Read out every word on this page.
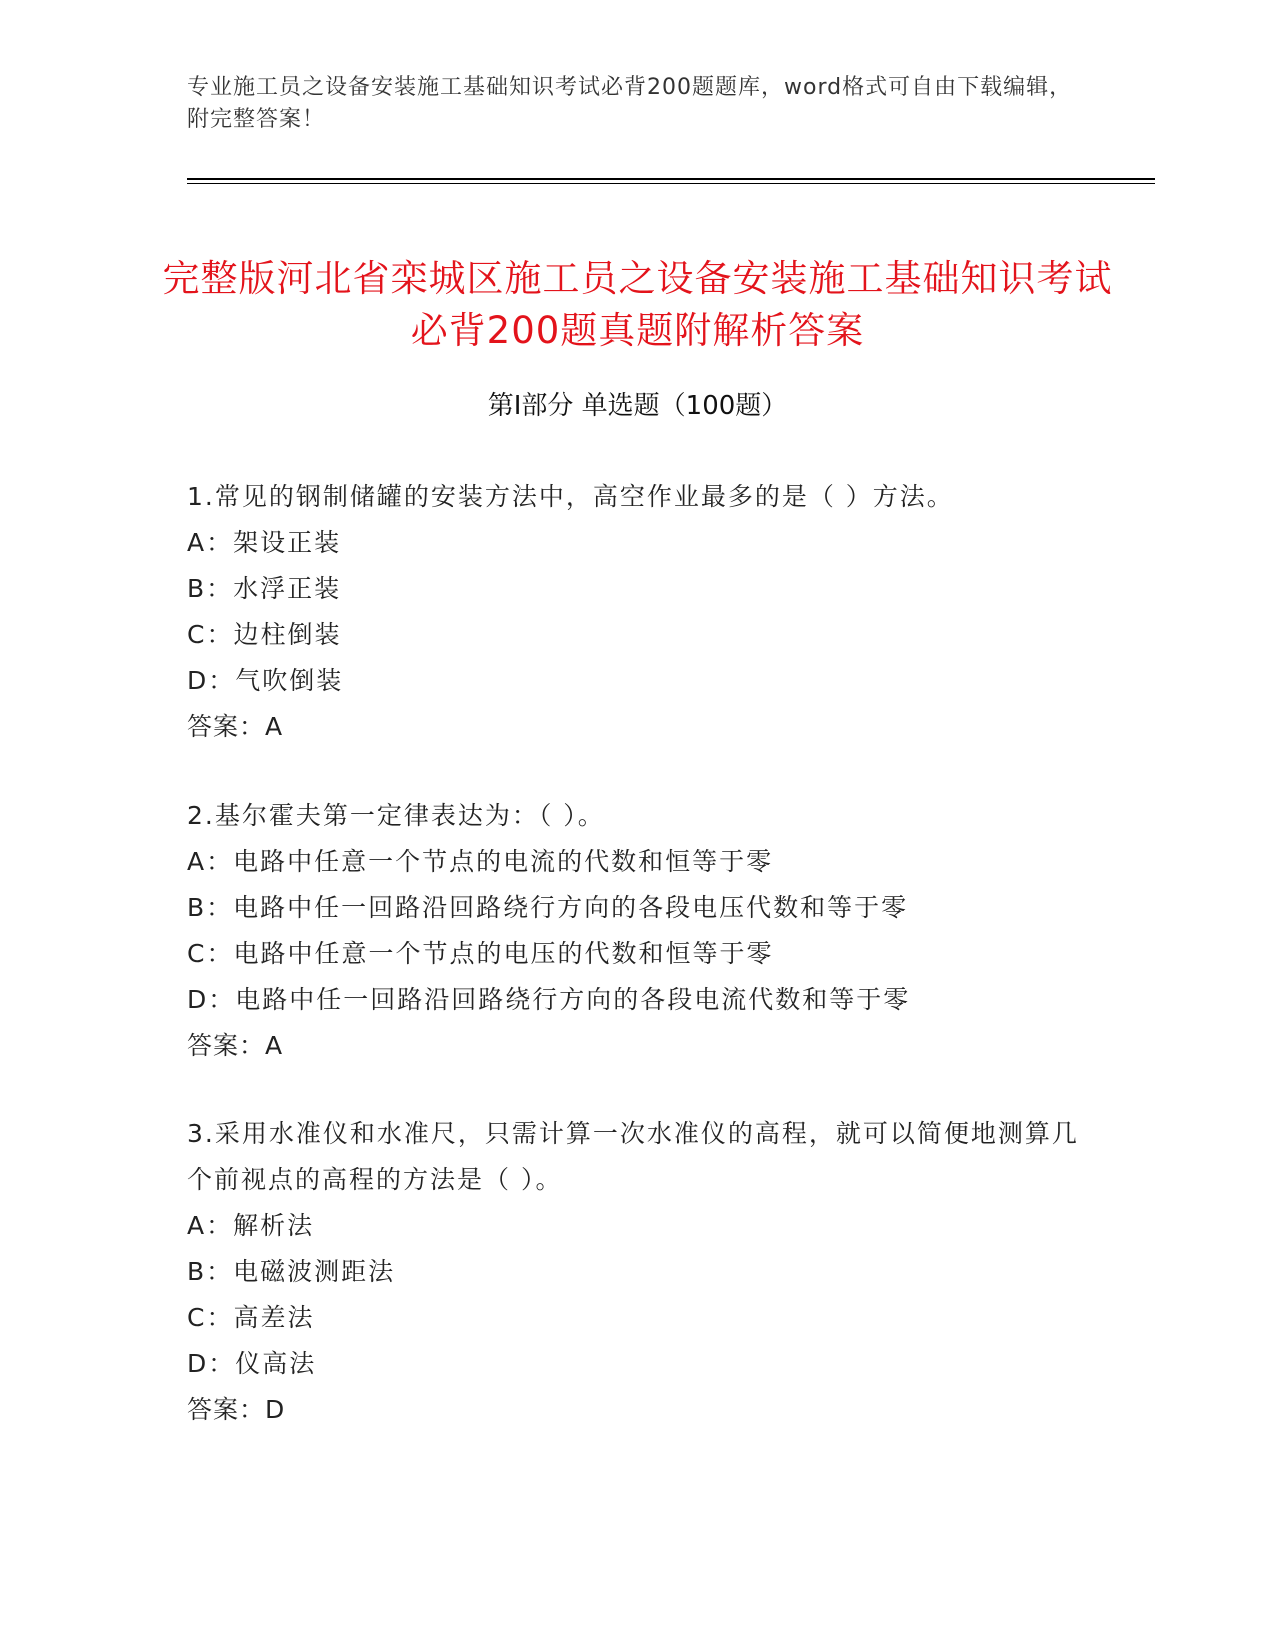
专业施工员之设备安装施工基础知识考试必背200题题库，word格式可自由下载编辑，附完整答案！
完整版河北省栾城区施工员之设备安装施工基础知识考试必背200题真题附解析答案
第Ⅰ部分 单选题（100题）
1.常见的钢制储罐的安装方法中，高空作业最多的是（ ）方法。
A：架设正装
B：水浮正装
C：边柱倒装
D：气吹倒装
答案：A
2.基尔霍夫第一定律表达为：（ ）。
A：电路中任意一个节点的电流的代数和恒等于零
B：电路中任一回路沿回路绕行方向的各段电压代数和等于零
C：电路中任意一个节点的电压的代数和恒等于零
D：电路中任一回路沿回路绕行方向的各段电流代数和等于零
答案：A
3.采用水准仪和水准尺，只需计算一次水准仪的高程，就可以简便地测算几个前视点的高程的方法是（ ）。
A：解析法
B：电磁波测距法
C：高差法
D：仪高法
答案：D
